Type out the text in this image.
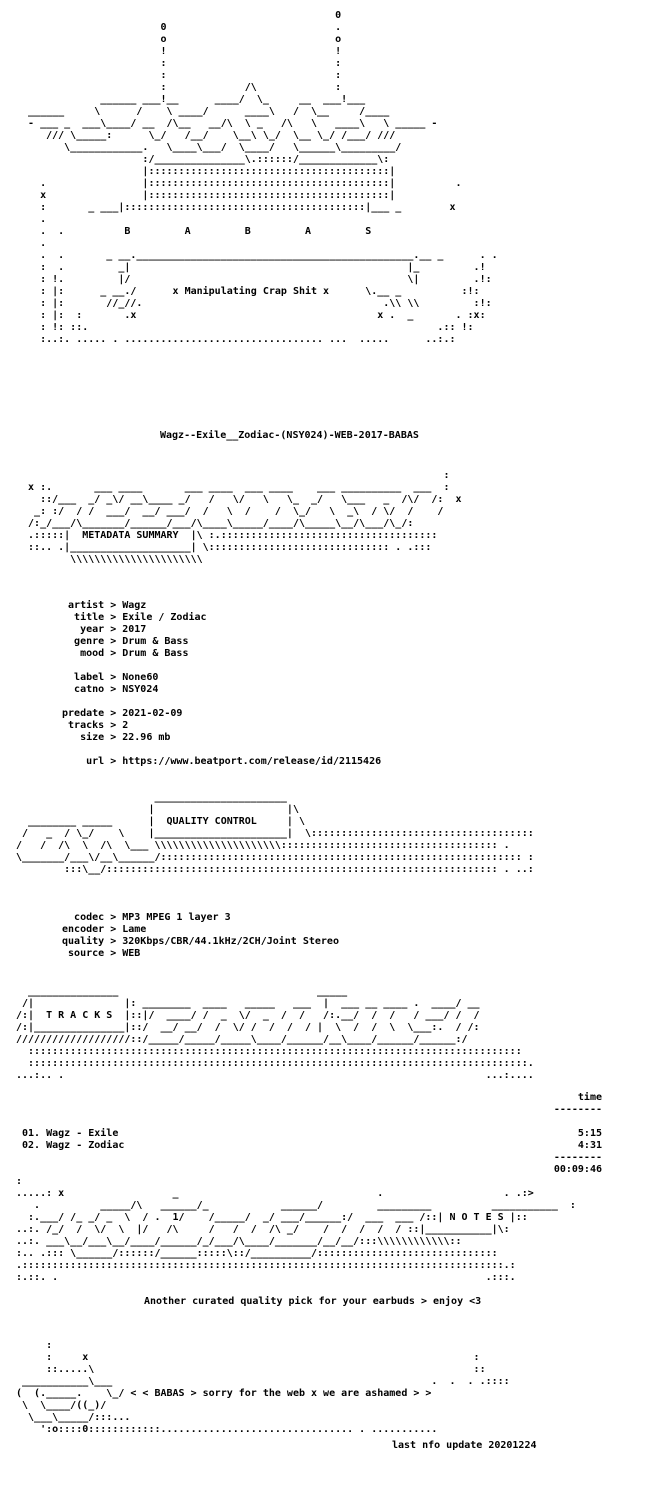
0
0                            .
o                            o
!                            !
:                            :
:                            :
:             /\             :
______ ___!__      ____/  \_     __  ___!___
______     \      /    \ ____/      ____\   /  \__     /____
- ___ _  ___\____/ __  /\__   __/\  \ _   /\   \   ____\   \ _____ -
/// \_____:      \_/   /__/    \__\ \_/  \__ \_/ /___/ ///
\____________.   \____\___/  \____/   \______\_________/
:/_______________\.::::::/_____________\:
|::::::::::::::::::::::::::::::::::::::::|
.                |::::::::::::::::::::::::::::::::::::::::|          .
x                |::::::::::::::::::::::::::::::::::::::::|
:       _ ___|::::::::::::::::::::::::::::::::::::::::|___ _        x
.
.  .          B         A         B         A         S
.
.  .       _ __.______________________________________________.__ _      . .
:  .         _|                                              |_         .!
: !.         |/                                              \|         .!:
: |:      _ __./      x Manipulating Crap Shit x      \.__ _          :!:
: |:       //_//.                                        .\\ \\         :!:
: |:  :       .x                                        x .  _       . :x:
: !: ::.                                                          .:: !:
:..:. ..... . ................................. ...  .....      ..:.:

Wagz--Exile__Zodiac-(NSY024)-WEB-2017-BABAS

:
x :.       ___ ____       ___ ____  ___ ____    ___ __________  ___  :
::/___  _/ _\/ __\____ _/   /   \/   \   \_  _/   \___   _  /\/  /:  x
_: :/  / /  ___/  __/ ___/  /   \  /    /  \_/   \  _\  / \/  /    /
/:_/___/\_______/______/___/\____\_____/____/\_____\__/\___/\_/:
.:::::|  METADATA SUMMARY  |\ :.::::::::::::::::::::::::::::::::::::
::.. .|____________________| \:::::::::::::::::::::::::::::: . .:::
\\\\\\\\\\\\\\\\\\\\\\

artist > Wagz
title > Exile / Zodiac
year > 2017
genre > Drum & Bass
mood > Drum & Bass
label > None60
catno > NSY024
predate > 2021-02-09
tracks > 2
size > 22.96 mb
url > https://www.beatport.com/release/id/2115426

______________________
|                      |\
________ _____      |  QUALITY CONTROL     | \
/   _  / \_/    \    |______________________|  \:::::::::::::::::::::::::::::::::::::
/   /  /\  \  /\  \___ \\\\\\\\\\\\\\\\\\\\\:::::::::::::::::::::::::::::::::::: .
\_______/___\/__\______/:::::::::::::::::::::::::::::::::::::::::::::::::::::::::::: :
:::\__/::::::::::::::::::::::::::::::::::::::::::::::::::::::::::::::::: . ..:

codec > MP3 MPEG 1 layer 3
encoder > Lame
quality > 320Kbps/CBR/44.1kHz/2CH/Joint Stereo
source > WEB

_______________                                 _____
/|               |: ________  ____   _____   ___  |  ___ __ ____ .  ____/ __
/:|  T R A C K S  |::|/  ____/ /  _  \/  _  /  /   /:.__/  /  /   / ___/ /  /
/:|_______________|::/  __/ __/  /  \/ /  /  /  / |  \  /  /  \  \___:.  / /:
///////////////////::/_____/_____/_____\____/______/__\____/______/______:/
::::::::::::::::::::::::::::::::::::::::::::::::::::::::::::::::::::::::::::::::::
:::::::::::::::::::::::::::::::::::::::::::::::::::::::::::::::::::::::::::::::::::.
...:.. .                                                                      ...:....

time
--------
01.
Wagz - Exile	5:15
02.
Wagz - Zodiac	4:31
--------
00:09:46

:
.....: x                  _                                 .                    . .:>
.          _____/\   ______/_            ______/         _________          ___________  :
:.___/ /_ _/ _  \  / .  1/    /_____/  _/ ___/______:/  ___  ___ /::| N O T E S |::
..:. /_/  /  \/  \  |/   /\     /   /  /  /\ _/    /  /  /  /  / ::|___________|\:
..:. ___\__/___\__/____/______/_/___/\____/_______/__/__/:::\\\\\\\\\\\\::
:.. .::: \______/::::::/______:::::\::/__________/::::::::::::::::::::::::::::::
.::::::::::::::::::::::::::::::::::::::::::::::::::::::::::::::::::::::::::::::::.:
:.::. .                                                                       .:::.

Another curated quality pick for your earbuds > enjoy <3

:
:     x                                                                :
::.....\                                                               ::
___________\___                                                     .  .  . .::::
(  (._____.    \_/ < < BABAS > sorry for the web x we are ashamed > >
\  \____/((_)/
\___\_____/:::...
':o::::0::::::::::::................................ . ...........

last nfo update 20201224
